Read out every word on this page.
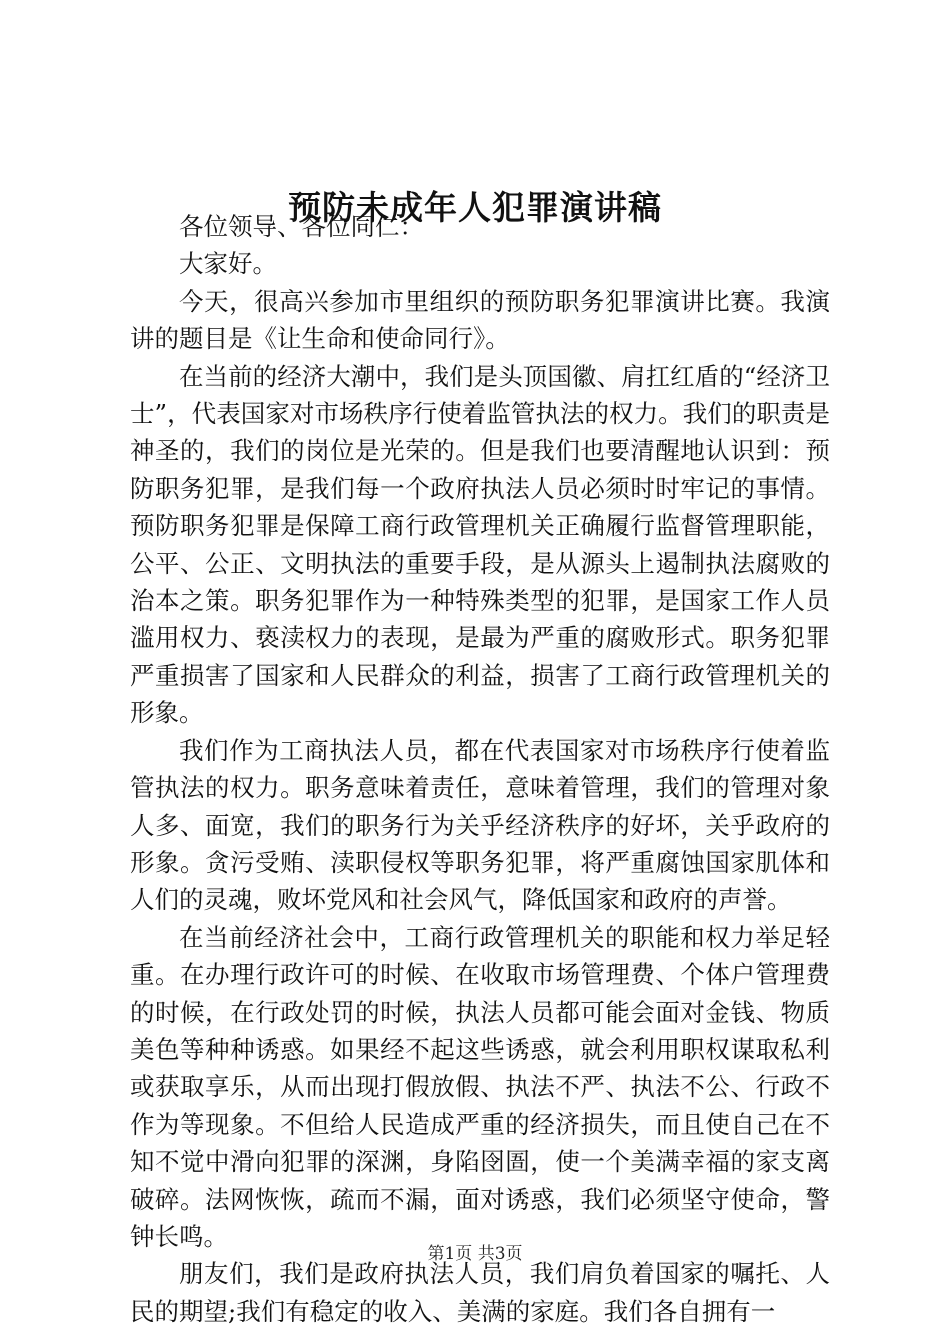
预防未成年人犯罪演讲稿

各位领导、各位同仁：

大家好。

今天，很高兴参加市里组织的预防职务犯罪演讲比赛。我演讲的题目是《让生命和使命同行》。

在当前的经济大潮中，我们是头顶国徽、肩扛红盾的“经济卫士”，代表国家对市场秩序行使着监管执法的权力。我们的职责是神圣的，我们的岗位是光荣的。但是我们也要清醒地认识到：预防职务犯罪，是我们每一个政府执法人员必须时时牢记的事情。预防职务犯罪是保障工商行政管理机关正确履行监督管理职能，公平、公正、文明执法的重要手段，是从源头上遏制执法腐败的治本之策。职务犯罪作为一种特殊类型的犯罪，是国家工作人员滥用权力、亵渎权力的表现，是最为严重的腐败形式。职务犯罪严重损害了国家和人民群众的利益，损害了工商行政管理机关的形象。

我们作为工商执法人员，都在代表国家对市场秩序行使着监管执法的权力。职务意味着责任，意味着管理，我们的管理对象人多、面宽，我们的职务行为关乎经济秩序的好坏，关乎政府的形象。贪污受贿、渎职侵权等职务犯罪，将严重腐蚀国家肌体和人们的灵魂，败坏党风和社会风气，降低国家和政府的声誉。

在当前经济社会中，工商行政管理机关的职能和权力举足轻重。在办理行政许可的时候、在收取市场管理费、个体户管理费的时候，在行政处罚的时候，执法人员都可能会面对金钱、物质美色等种种诱惑。如果经不起这些诱惑，就会利用职权谋取私利或获取享乐，从而出现打假放假、执法不严、执法不公、行政不作为等现象。不但给人民造成严重的经济损失，而且使自己在不知不觉中滑向犯罪的深渊，身陷囹圄，使一个美满幸福的家支离破碎。法网恢恢，疏而不漏，面对诱惑，我们必须坚守使命，警钟长鸣。

朋友们，我们是政府执法人员，我们肩负着国家的嘱托、人民的期望;我们有稳定的收入、美满的家庭。我们各自拥有一

第1页 共3页
